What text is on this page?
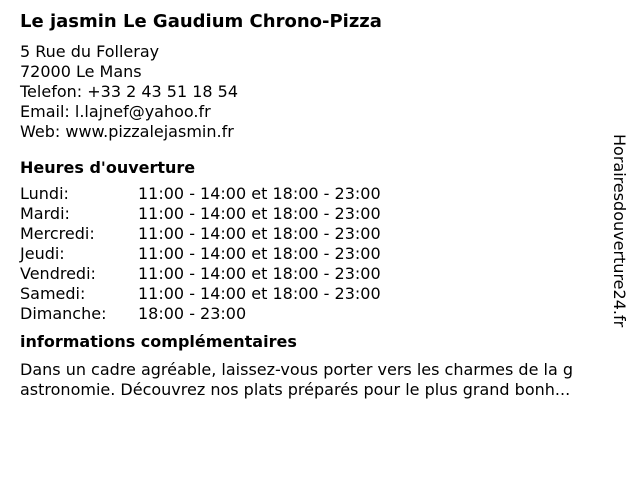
Le jasmin Le Gaudium Chrono-Pizza
5 Rue du Folleray
72000 Le Mans
Telefon: +33 2 43 51 18 54
Email: l.lajnef@yahoo.fr
Web: www.pizzalejasmin.fr
Heures d'ouverture
Lundi:	11:00 - 14:00 et 18:00 - 23:00
Mardi:	11:00 - 14:00 et 18:00 - 23:00
Mercredi:	11:00 - 14:00 et 18:00 - 23:00
Jeudi:	11:00 - 14:00 et 18:00 - 23:00
Vendredi:	11:00 - 14:00 et 18:00 - 23:00
Samedi:	11:00 - 14:00 et 18:00 - 23:00
Dimanche:	18:00 - 23:00
informations complémentaires
Dans un cadre agréable, laissez-vous porter vers les charmes de la g
astronomie. Découvrez nos plats préparés pour le plus grand bonh...
Horairesdouverture24.fr
